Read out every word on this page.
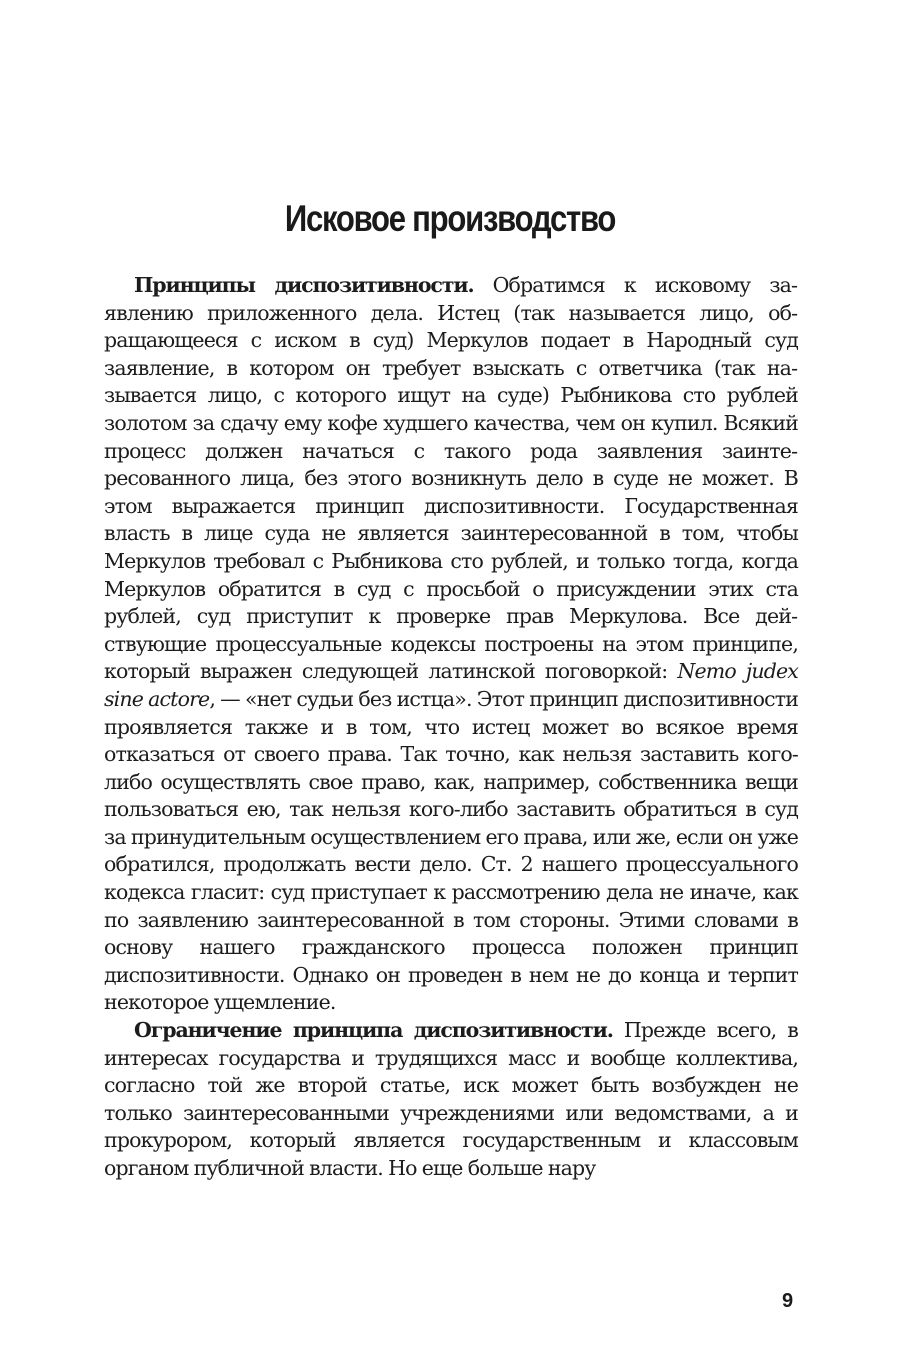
Исковое производство

Принципы диспозитивности. Обратимся к исковому заявлению приложенного дела. Истец (так называется лицо, обращающееся с иском в суд) Меркулов подает в Народный суд заявление, в котором он требует взыскать с ответчика (так называется лицо, с которого ищут на суде) Рыбникова сто рублей золотом за сдачу ему кофе худшего качества, чем он купил. Всякий процесс должен начаться с такого рода заявления заинтересованного лица, без этого возникнуть дело в суде не может. В этом выражается принцип диспозитивности. Государственная власть в лице суда не является заинтересованной в том, чтобы Меркулов требовал с Рыбникова сто рублей, и только тогда, когда Меркулов обратится в суд с просьбой о присуждении этих ста рублей, суд приступит к проверке прав Меркулова. Все действующие процессуальные кодексы построены на этом принципе, который выражен следующей латинской поговоркой: Nemo judex sine actore, — «нет судьи без истца». Этот принцип диспозитивности проявляется также и в том, что истец может во всякое время отказаться от своего права. Так точно, как нельзя заставить кого-либо осуществлять свое право, как, например, собственника вещи пользоваться ею, так нельзя кого-либо заставить обратиться в суд за принудительным осуществлением его права, или же, если он уже обратился, продолжать вести дело. Ст. 2 нашего процессуального кодекса гласит: суд приступает к рассмотрению дела не иначе, как по заявлению заинтересованной в том стороны. Этими словами в основу нашего гражданского процесса положен принцип диспозитивности. Однако он проведен в нем не до конца и терпит некоторое ущемление.

Ограничение принципа диспозитивности. Прежде всего, в интересах государства и трудящихся масс и вообще коллектива, согласно той же второй статье, иск может быть возбужден не только заинтересованными учреждениями или ведомствами, а и прокурором, который является государственным и классовым органом публичной власти. Но еще больше нару

9
